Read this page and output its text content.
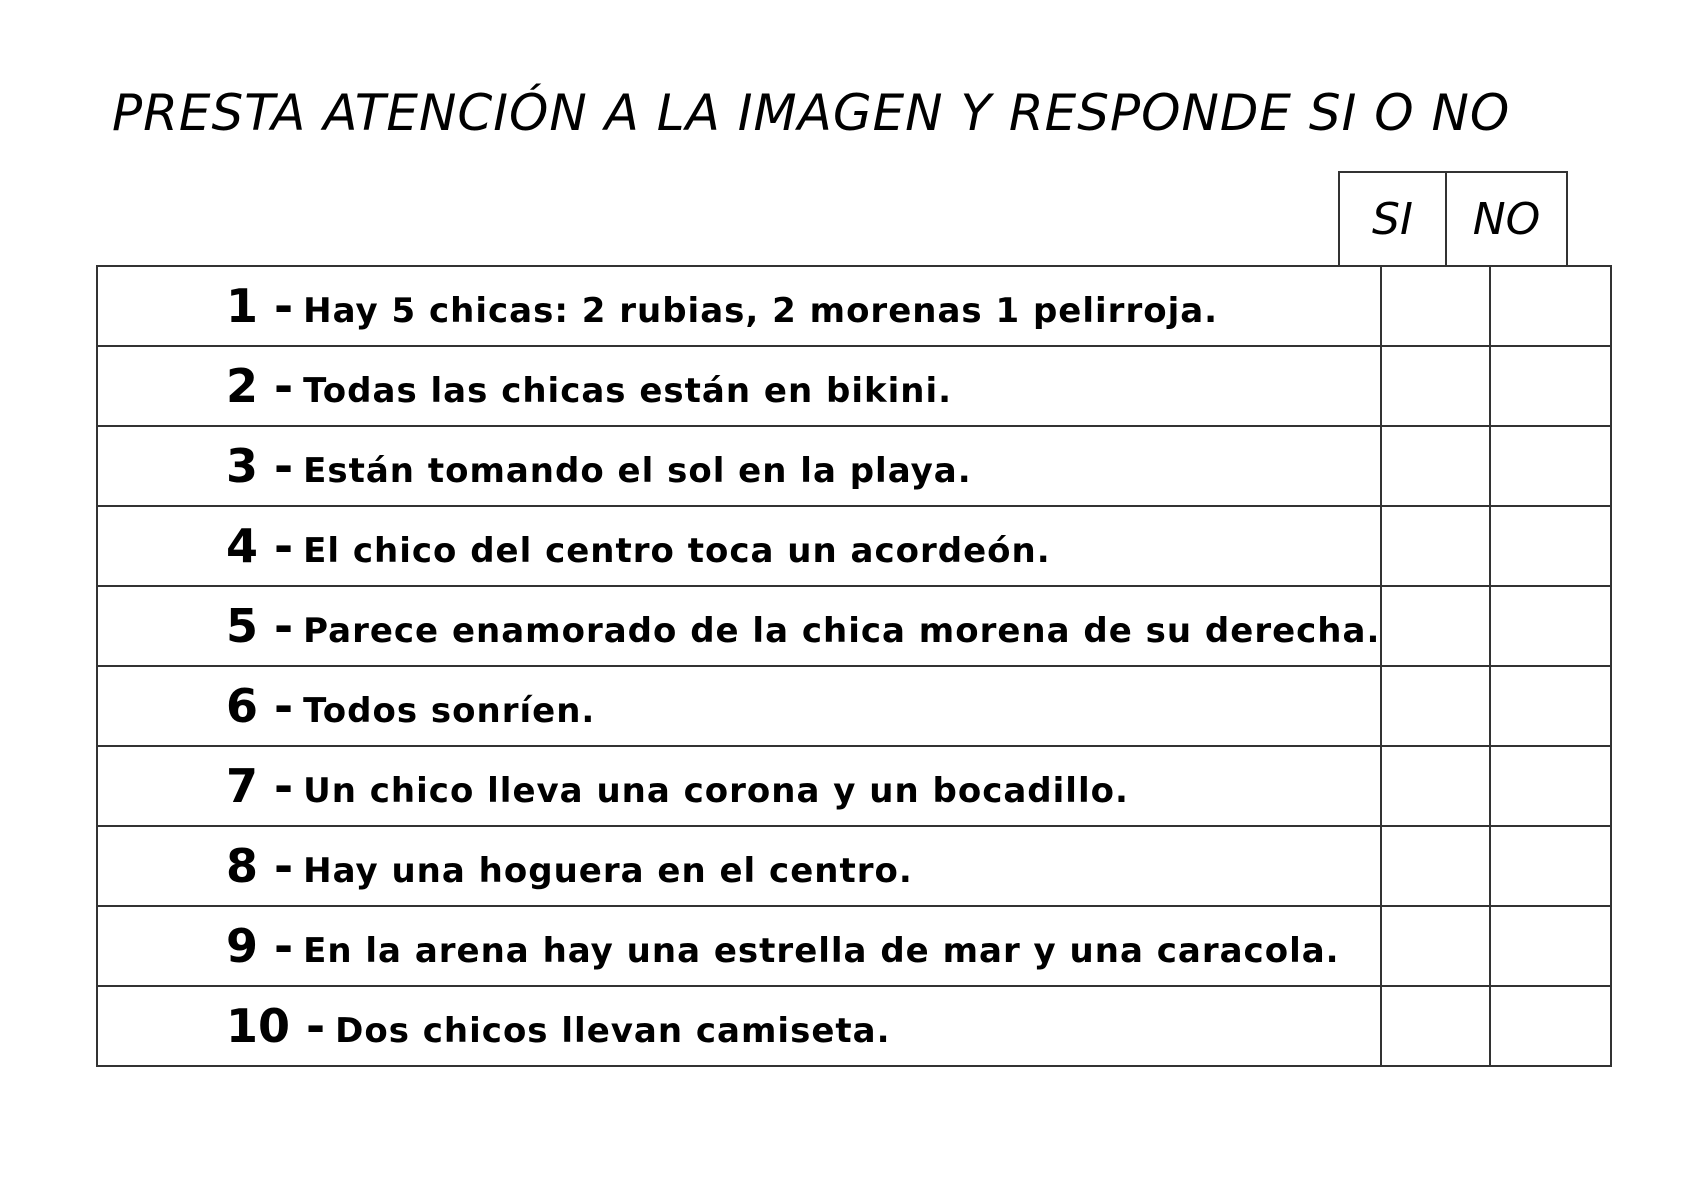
PRESTA ATENCIÓN A LA IMAGEN Y RESPONDE SI O NO
SI	NO
1 - Hay 5 chicas: 2 rubias, 2 morenas 1 pelirroja.		

2 - Todas las chicas están en bikini.		

3 - Están tomando el sol en la playa.		

4 - El chico del centro toca un acordeón.		

5 - Parece enamorado de la chica morena de su derecha.		

6 - Todos sonríen.		

7 - Un chico lleva una corona y un bocadillo.		

8 - Hay una hoguera en el centro.		

9 - En la arena hay una estrella de mar y una caracola.		

10 - Dos chicos llevan camiseta.		
